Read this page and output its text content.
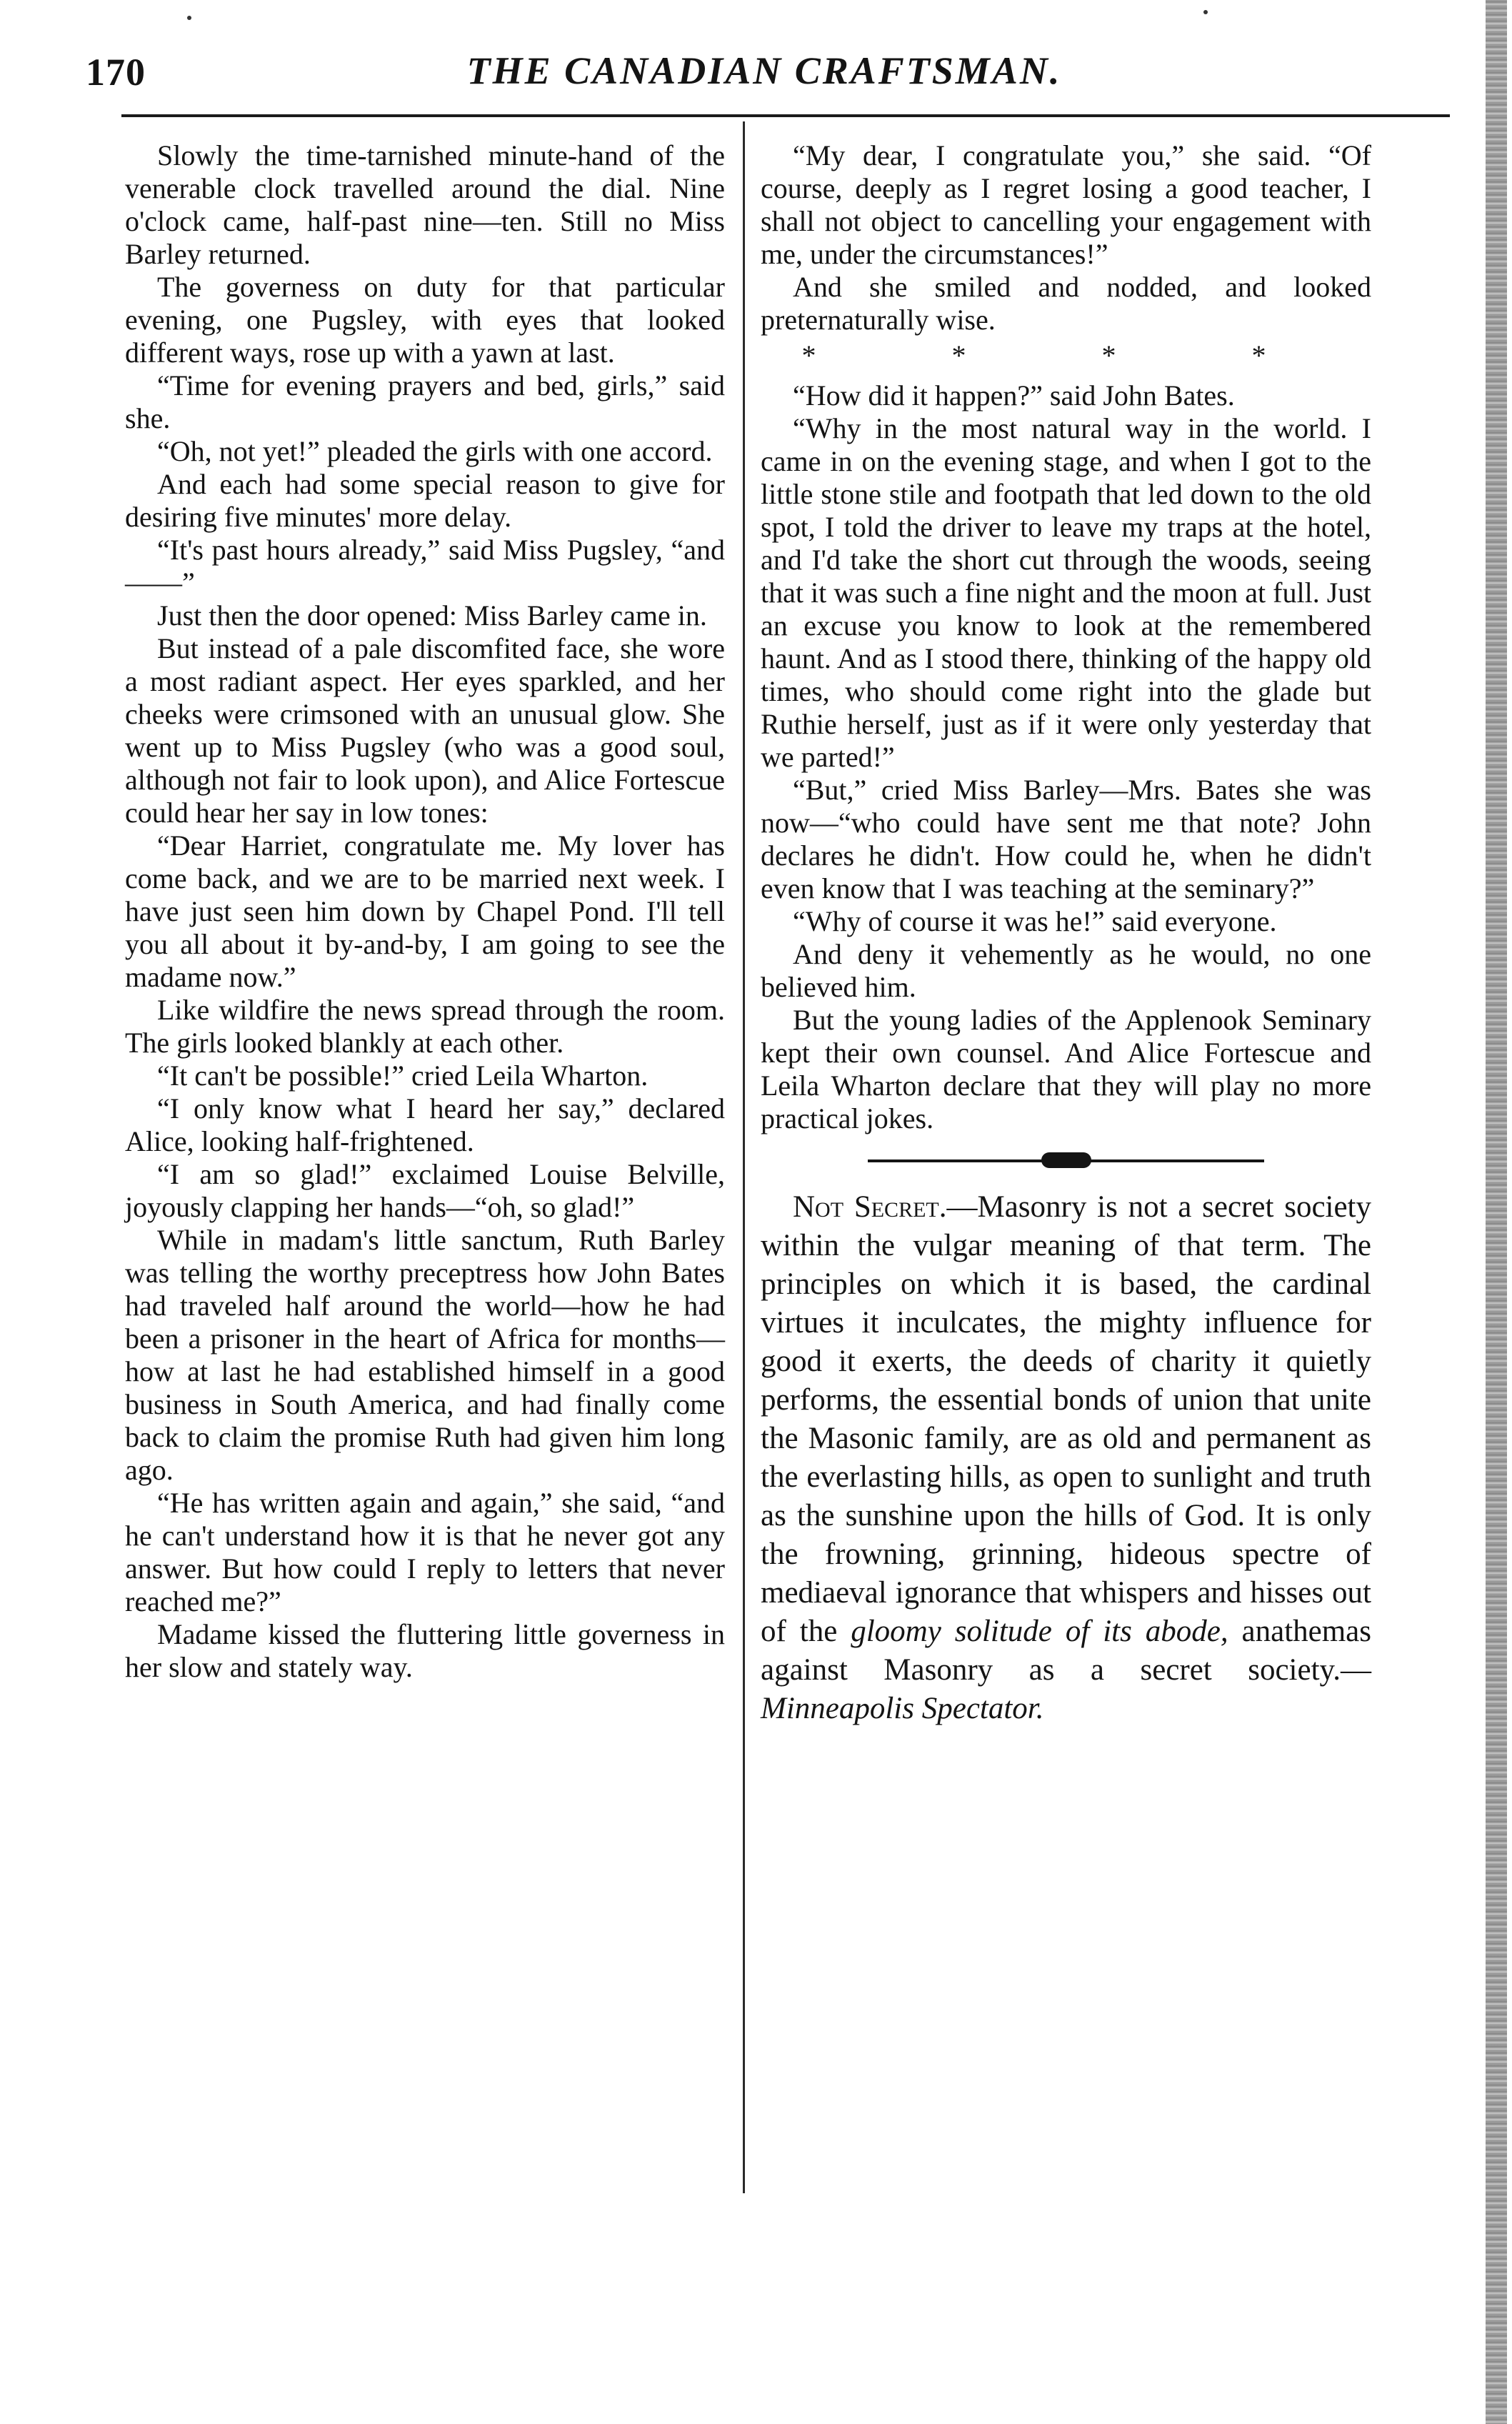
170	THE CANADIAN CRAFTSMAN.

Slowly the time-tarnished minute-hand of the venerable clock travelled around the dial. Nine o'clock came, half-past nine—ten. Still no Miss Barley returned.

The governess on duty for that particular evening, one Pugsley, with eyes that looked different ways, rose up with a yawn at last.

“Time for evening prayers and bed, girls,” said she.

“Oh, not yet!” pleaded the girls with one accord.

And each had some special reason to give for desiring five minutes' more delay.

“It's past hours already,” said Miss Pugsley, “and——”

Just then the door opened: Miss Barley came in.

But instead of a pale discomfited face, she wore a most radiant aspect. Her eyes sparkled, and her cheeks were crimsoned with an unusual glow. She went up to Miss Pugsley (who was a good soul, although not fair to look upon), and Alice Fortescue could hear her say in low tones:

“Dear Harriet, congratulate me. My lover has come back, and we are to be married next week. I have just seen him down by Chapel Pond. I'll tell you all about it by-and-by, I am going to see the madame now.”

Like wildfire the news spread through the room. The girls looked blankly at each other.

“It can't be possible!” cried Leila Wharton.

“I only know what I heard her say,” declared Alice, looking half-frightened.

“I am so glad!” exclaimed Louise Belville, joyously clapping her hands—“oh, so glad!”

While in madam's little sanctum, Ruth Barley was telling the worthy preceptress how John Bates had traveled half around the world—how he had been a prisoner in the heart of Africa for months—how at last he had established himself in a good business in South America, and had finally come back to claim the promise Ruth had given him long ago.

“He has written again and again,” she said, “and he can't understand how it is that he never got any answer. But how could I reply to letters that never reached me?”

Madame kissed the fluttering little governess in her slow and stately way.

“My dear, I congratulate you,” she said. “Of course, deeply as I regret losing a good teacher, I shall not object to cancelling your engagement with me, under the circumstances!”

And she smiled and nodded, and looked preternaturally wise.

* * * *

“How did it happen?” said John Bates.

“Why in the most natural way in the world. I came in on the evening stage, and when I got to the little stone stile and footpath that led down to the old spot, I told the driver to leave my traps at the hotel, and I'd take the short cut through the woods, seeing that it was such a fine night and the moon at full. Just an excuse you know to look at the remembered haunt. And as I stood there, thinking of the happy old times, who should come right into the glade but Ruthie herself, just as if it were only yesterday that we parted!”

“But,” cried Miss Barley—Mrs. Bates she was now—“who could have sent me that note? John declares he didn't. How could he, when he didn't even know that I was teaching at the seminary?”

“Why of course it was he!” said everyone.

And deny it vehemently as he would, no one believed him.

But the young ladies of the Applenook Seminary kept their own counsel. And Alice Fortescue and Leila Wharton declare that they will play no more practical jokes.

Not Secret.—Masonry is not a secret society within the vulgar meaning of that term. The principles on which it is based, the cardinal virtues it inculcates, the mighty influence for good it exerts, the deeds of charity it quietly performs, the essential bonds of union that unite the Masonic family, are as old and permanent as the everlasting hills, as open to sunlight and truth as the sunshine upon the hills of God. It is only the frowning, grinning, hideous spectre of mediaeval ignorance that whispers and hisses out of the gloomy solitude of its abode, anathemas against Masonry as a secret society.—Minneapolis Spectator.
